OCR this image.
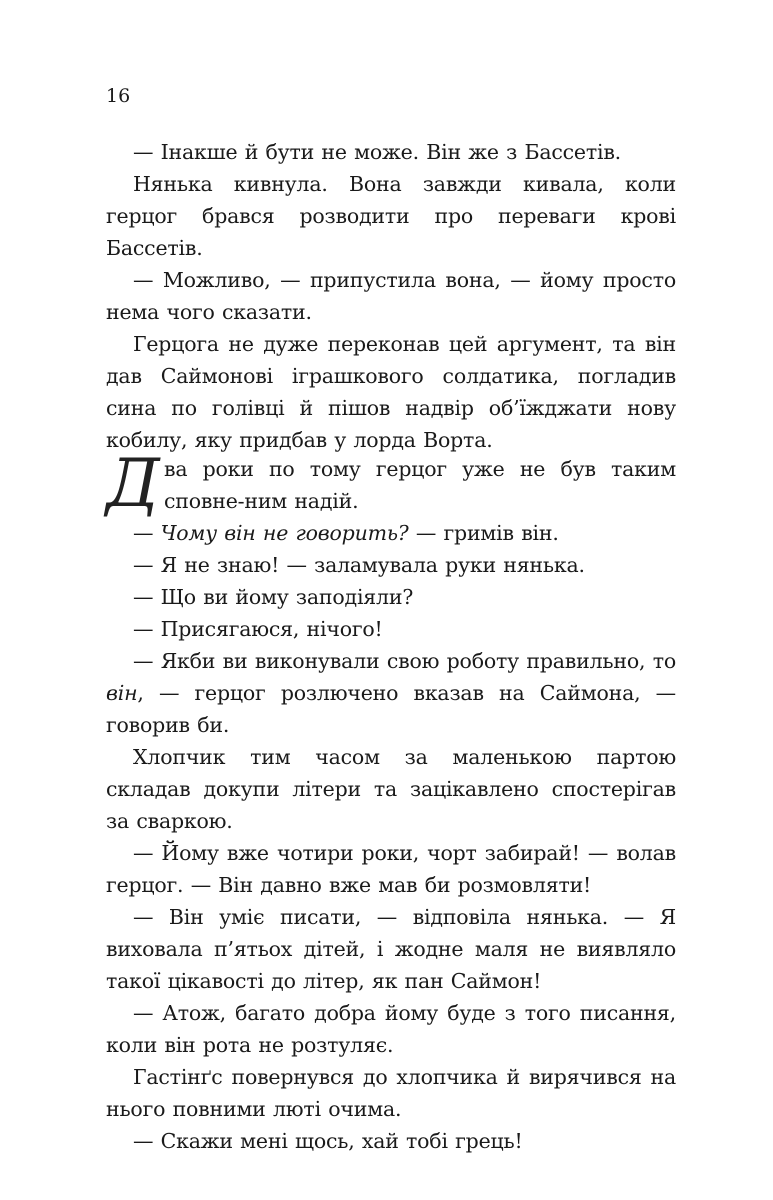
16

— Інакше й бути не може. Він же з Бассетів.

Нянька кивнула. Вона завжди кивала, коли герцог брався розводити про переваги крові Бассетів.

— Можливо, — припустила вона, — йому просто нема чого сказати.

Герцога не дуже переконав цей аргумент, та він дав Саймонові іграшкового солдатика, погладив сина по голівці й пішов надвір об’їжджати нову кобилу, яку придбав у лорда Ворта.

Д ва роки по тому герцог уже не був таким сповне-ним надій.

— Чому він не говорить? — гримів він.

— Я не знаю! — заламувала руки нянька.

— Що ви йому заподіяли?

— Присягаюся, нічого!

— Якби ви виконували свою роботу правильно, то він, — герцог розлючено вказав на Саймона, — говорив би.

Хлопчик тим часом за маленькою партою складав докупи літери та зацікавлено спостерігав за сваркою.

— Йому вже чотири роки, чорт забирай! — волав герцог. — Він давно вже мав би розмовляти!

— Він уміє писати, — відповіла нянька. — Я виховала п’ятьох дітей, і жодне маля не виявляло такої цікавості до літер, як пан Саймон!

— Атож, багато добра йому буде з того писання, коли він рота не розтуляє.

Гастінґс повернувся до хлопчика й вирячився на нього повними люті очима.

— Скажи мені щось, хай тобі грець!
